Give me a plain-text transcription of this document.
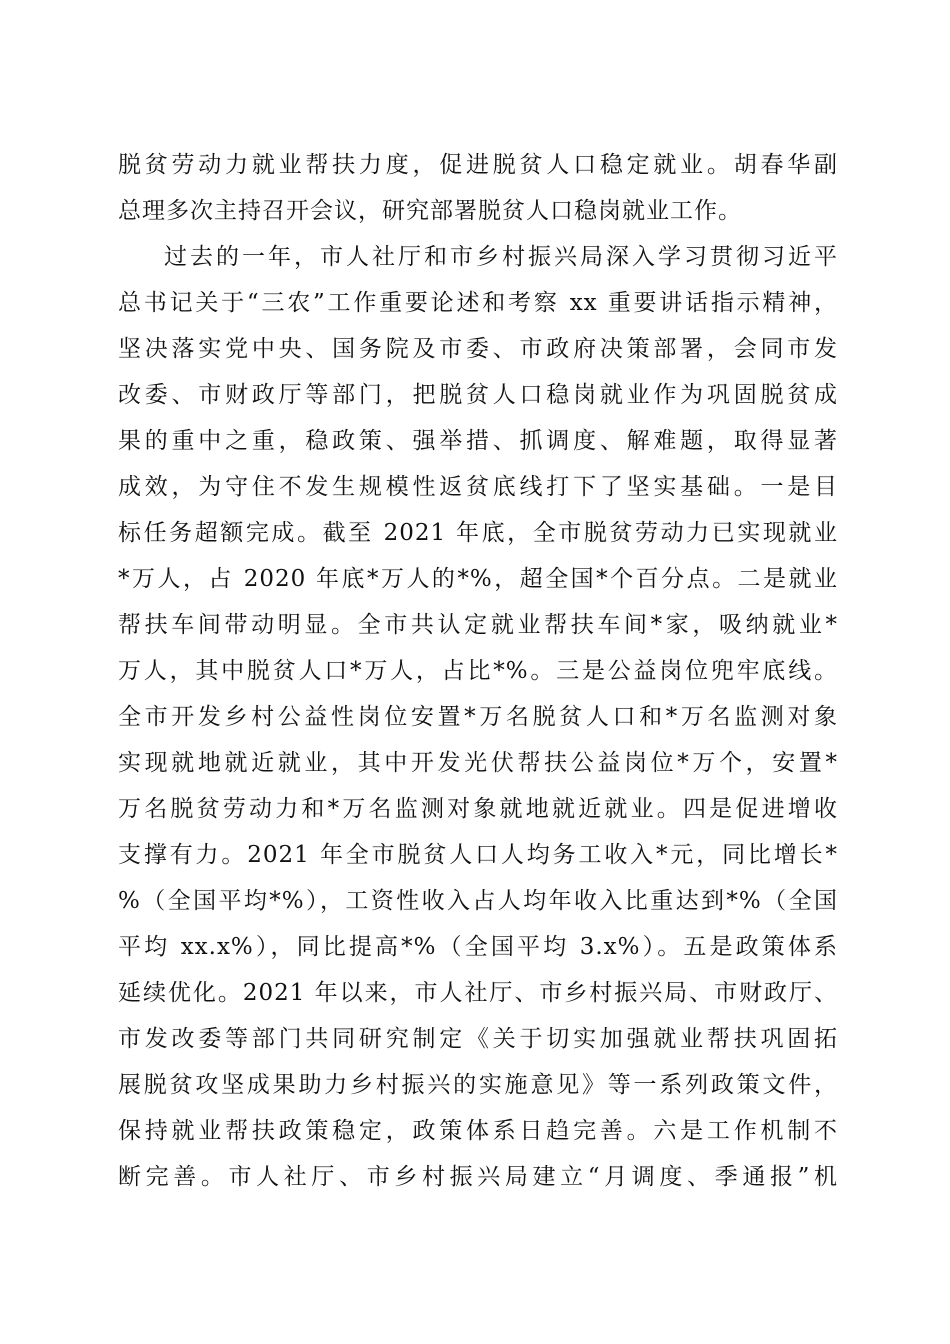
脱贫劳动力就业帮扶力度，促进脱贫人口稳定就业。胡春华副
总理多次主持召开会议，研究部署脱贫人口稳岗就业工作。
过去的一年，市人社厅和市乡村振兴局深入学习贯彻习近平
总书记关于“三农”工作重要论述和考察 xx 重要讲话指示精神，
坚决落实党中央、国务院及市委、市政府决策部署，会同市发
改委、市财政厅等部门，把脱贫人口稳岗就业作为巩固脱贫成
果的重中之重，稳政策、强举措、抓调度、解难题，取得显著
成效，为守住不发生规模性返贫底线打下了坚实基础。一是目
标任务超额完成。截至 2021 年底，全市脱贫劳动力已实现就业
*万人，占 2020 年底*万人的*%，超全国*个百分点。二是就业
帮扶车间带动明显。全市共认定就业帮扶车间*家，吸纳就业*
万人，其中脱贫人口*万人，占比*%。三是公益岗位兜牢底线。
全市开发乡村公益性岗位安置*万名脱贫人口和*万名监测对象
实现就地就近就业，其中开发光伏帮扶公益岗位*万个，安置*
万名脱贫劳动力和*万名监测对象就地就近就业。四是促进增收
支撑有力。2021 年全市脱贫人口人均务工收入*元，同比增长*
%（全国平均*%），工资性收入占人均年收入比重达到*%（全国
平均 xx.x%），同比提高*%（全国平均 3.x%）。五是政策体系
延续优化。2021 年以来，市人社厅、市乡村振兴局、市财政厅、
市发改委等部门共同研究制定《关于切实加强就业帮扶巩固拓
展脱贫攻坚成果助力乡村振兴的实施意见》等一系列政策文件，
保持就业帮扶政策稳定，政策体系日趋完善。六是工作机制不
断完善。市人社厅、市乡村振兴局建立“月调度、季通报”机
